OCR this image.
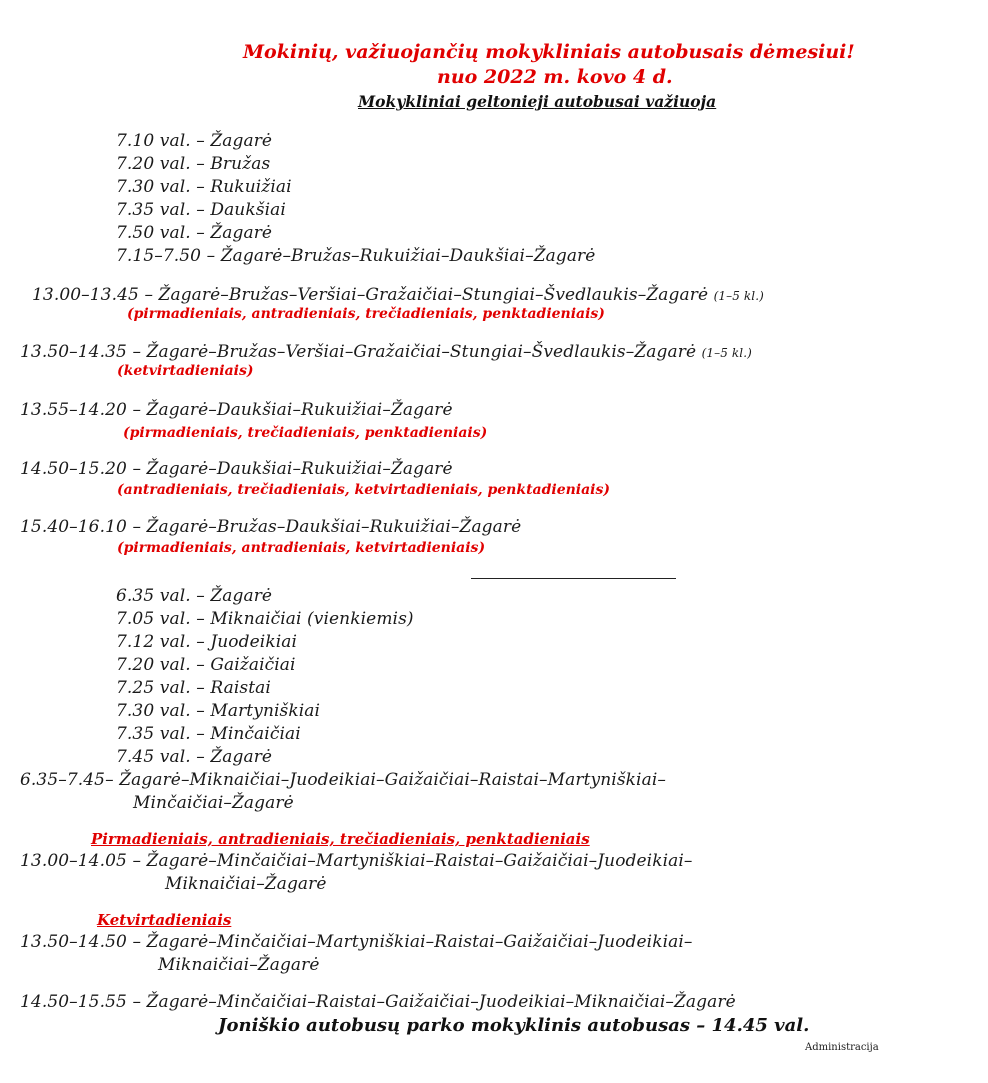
Mokinių, važiuojančių mokykliniais autobusais dėmesiui!
nuo 2022 m. kovo 4 d.
Mokykliniai geltonieji autobusai važiuoja
7.10 val. – Žagarė
7.20 val. – Bružas
7.30 val. – Rukuižiai
7.35 val. – Daukšiai
7.50 val. – Žagarė
7.15–7.50 – Žagarė–Bružas–Rukuižiai–Daukšiai–Žagarė
13.00–13.45 – Žagarė–Bružas–Veršiai–Gražaičiai–Stungiai–Švedlaukis–Žagarė (1–5 kl.)
(pirmadieniais, antradieniais, trečiadieniais, penktadieniais)
13.50–14.35 – Žagarė–Bružas–Veršiai–Gražaičiai–Stungiai–Švedlaukis–Žagarė (1–5 kl.)
(ketvirtadieniais)
13.55–14.20 – Žagarė–Daukšiai–Rukuižiai–Žagarė
(pirmadieniais, trečiadieniais, penktadieniais)
14.50–15.20 – Žagarė–Daukšiai–Rukuižiai–Žagarė
(antradieniais, trečiadieniais, ketvirtadieniais, penktadieniais)
15.40–16.10 – Žagarė–Bružas–Daukšiai–Rukuižiai–Žagarė
(pirmadieniais, antradieniais, ketvirtadieniais)
6.35 val. – Žagarė
7.05 val. – Miknaičiai (vienkiemis)
7.12 val. – Juodeikiai
7.20 val. – Gaižaičiai
7.25 val. – Raistai
7.30 val. – Martyniškiai
7.35 val. – Minčaičiai
7.45 val. – Žagarė
6.35–7.45– Žagarė–Miknaičiai–Juodeikiai–Gaižaičiai–Raistai–Martyniškiai–
Minčaičiai–Žagarė
Pirmadieniais, antradieniais, trečiadieniais, penktadieniais
13.00–14.05 – Žagarė–Minčaičiai–Martyniškiai–Raistai–Gaižaičiai–Juodeikiai–
Miknaičiai–Žagarė
Ketvirtadieniais
13.50–14.50 – Žagarė–Minčaičiai–Martyniškiai–Raistai–Gaižaičiai–Juodeikiai–
Miknaičiai–Žagarė
14.50–15.55 – Žagarė–Minčaičiai–Raistai–Gaižaičiai–Juodeikiai–Miknaičiai–Žagarė
Joniškio autobusų parko mokyklinis autobusas – 14.45 val.
Administracija
